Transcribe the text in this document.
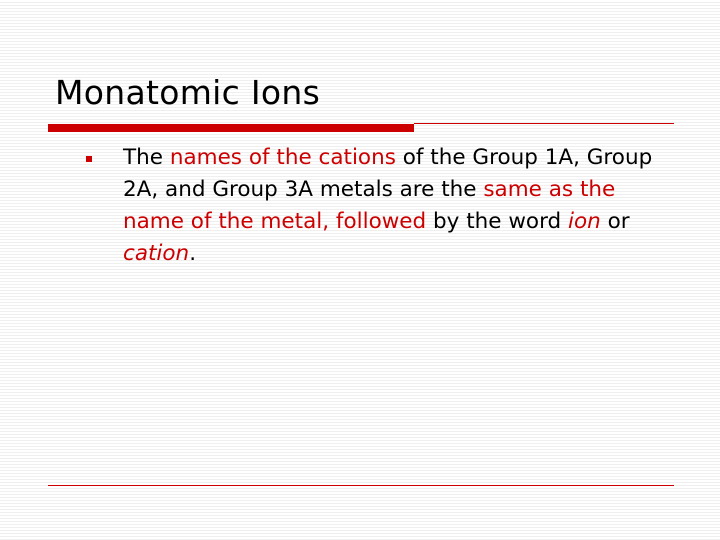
Monatomic Ions

The names of the cations of the Group 1A, Group 2A, and Group 3A metals are the same as the name of the metal, followed by the word ion or cation.
